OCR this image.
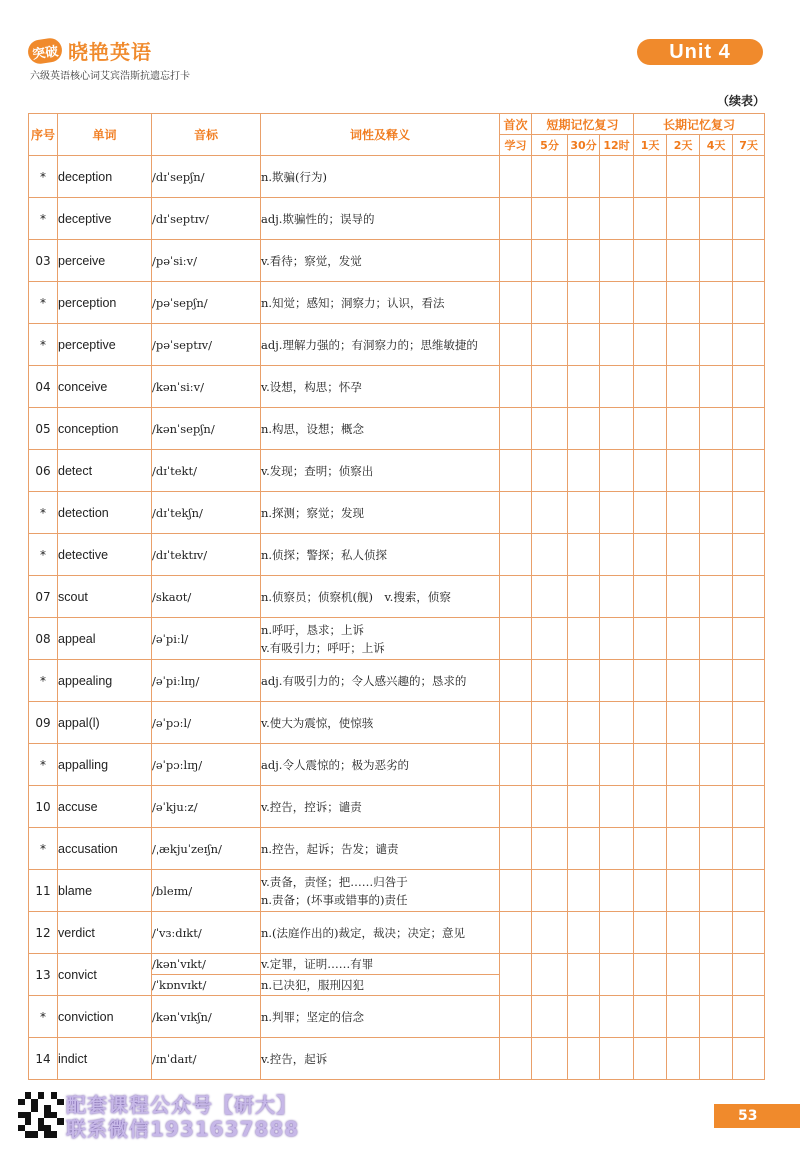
突破 晓艳英语
六级英语核心词艾宾浩斯抗遗忘打卡
Unit 4
（续表）
序号	单词	音标	词性及释义	首次	短期记忆复习			长期记忆复习			
				学习	5分	30分	12时	1天	2天	4天	7天
*	deception	/dɪˈsepʃn/	n.欺骗(行为)								

*	deceptive	/dɪˈseptɪv/	adj.欺骗性的；误导的								

03	perceive	/pəˈsiːv/	v.看待；察觉，发觉								

*	perception	/pəˈsepʃn/	n.知觉；感知；洞察力；认识，看法								

*	perceptive	/pəˈseptɪv/	adj.理解力强的；有洞察力的；思维敏捷的								

04	conceive	/kənˈsiːv/	v.设想，构思；怀孕								

05	conception	/kənˈsepʃn/	n.构思，设想；概念								

06	detect	/dɪˈtekt/	v.发现；查明；侦察出								

*	detection	/dɪˈtekʃn/	n.探测；察觉；发现								

*	detective	/dɪˈtektɪv/	n.侦探；警探；私人侦探								

07	scout	/skaʊt/	n.侦察员；侦察机(舰)　v.搜索，侦察								

08	appeal	/əˈpiːl/	n.呼吁，恳求；上诉
v.有吸引力；呼吁；上诉								

*	appealing	/əˈpiːlɪŋ/	adj.有吸引力的；令人感兴趣的；恳求的								

09	appal(l)	/əˈpɔːl/	v.使大为震惊，使惊骇								

*	appalling	/əˈpɔːlɪŋ/	adj.令人震惊的；极为恶劣的								

10	accuse	/əˈkjuːz/	v.控告，控诉；谴责								

*	accusation	/ˌækjuˈzeɪʃn/	n.控告，起诉；告发；谴责								

11	blame	/bleɪm/	v.责备，责怪；把……归咎于
n.责备；(坏事或错事的)责任								

12	verdict	/ˈvɜːdɪkt/	n.(法庭作出的)裁定，裁决；决定；意见								

13	convict	/kənˈvɪkt/	v.定罪，证明……有罪								
		/ˈkɒnvɪkt/	n.已决犯，服刑囚犯								
*	conviction	/kənˈvɪkʃn/	n.判罪；坚定的信念								

14	indict	/ɪnˈdaɪt/	v.控告，起诉								

配套课程公众号【研大】
联系微信1931637888
53
